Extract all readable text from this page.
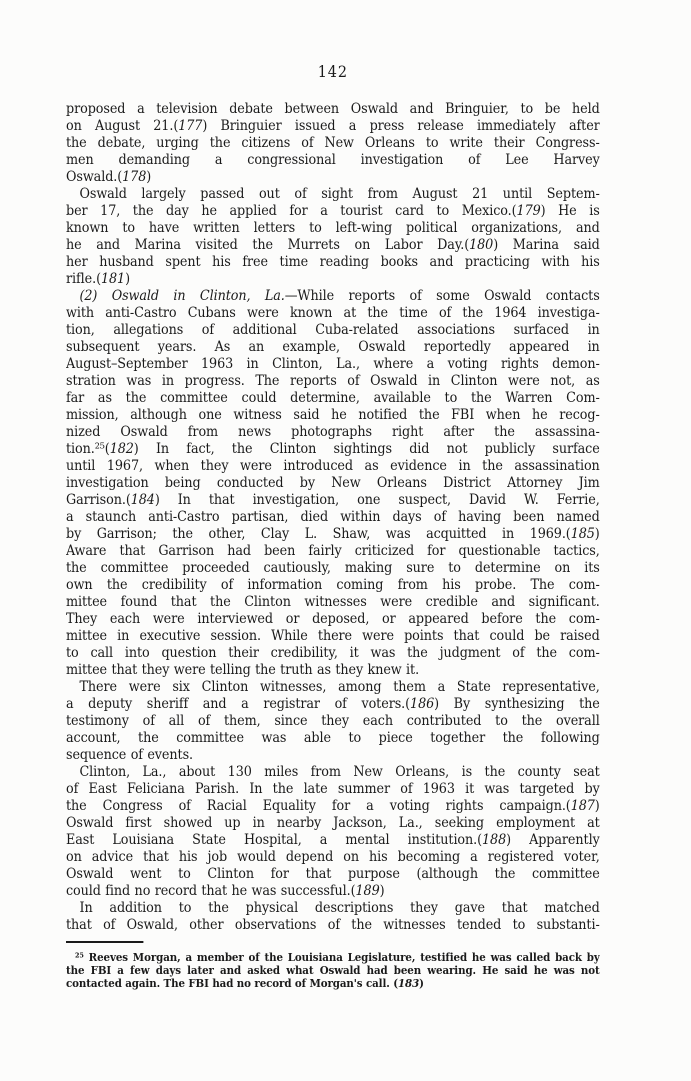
142
proposed a television debate between Oswald and Bringuier, to be held
on August 21.(177) Bringuier issued a press release immediately after
the debate, urging the citizens of New Orleans to write their Congress-
men demanding a congressional investigation of Lee Harvey
Oswald.(178)
Oswald largely passed out of sight from August 21 until Septem-
ber 17, the day he applied for a tourist card to Mexico.(179) He is
known to have written letters to left-wing political organizations, and
he and Marina visited the Murrets on Labor Day.(180) Marina said
her husband spent his free time reading books and practicing with his
rifle.(181)
(2) Oswald in Clinton, La.—While reports of some Oswald contacts
with anti-Castro Cubans were known at the time of the 1964 investiga-
tion, allegations of additional Cuba-related associations surfaced in
subsequent years. As an example, Oswald reportedly appeared in
August–September 1963 in Clinton, La., where a voting rights demon-
stration was in progress. The reports of Oswald in Clinton were not, as
far as the committee could determine, available to the Warren Com-
mission, although one witness said he notified the FBI when he recog-
nized Oswald from news photographs right after the assassina-
tion.²⁵(182) In fact, the Clinton sightings did not publicly surface
until 1967, when they were introduced as evidence in the assassination
investigation being conducted by New Orleans District Attorney Jim
Garrison.(184) In that investigation, one suspect, David W. Ferrie,
a staunch anti-Castro partisan, died within days of having been named
by Garrison; the other, Clay L. Shaw, was acquitted in 1969.(185)
Aware that Garrison had been fairly criticized for questionable tactics,
the committee proceeded cautiously, making sure to determine on its
own the credibility of information coming from his probe. The com-
mittee found that the Clinton witnesses were credible and significant.
They each were interviewed or deposed, or appeared before the com-
mittee in executive session. While there were points that could be raised
to call into question their credibility, it was the judgment of the com-
mittee that they were telling the truth as they knew it.
There were six Clinton witnesses, among them a State representative,
a deputy sheriff and a registrar of voters.(186) By synthesizing the
testimony of all of them, since they each contributed to the overall
account, the committee was able to piece together the following
sequence of events.
Clinton, La., about 130 miles from New Orleans, is the county seat
of East Feliciana Parish. In the late summer of 1963 it was targeted by
the Congress of Racial Equality for a voting rights campaign.(187)
Oswald first showed up in nearby Jackson, La., seeking employment at
East Louisiana State Hospital, a mental institution.(188) Apparently
on advice that his job would depend on his becoming a registered voter,
Oswald went to Clinton for that purpose (although the committee
could find no record that he was successful.(189)
In addition to the physical descriptions they gave that matched
that of Oswald, other observations of the witnesses tended to substanti-
²⁵ Reeves Morgan, a member of the Louisiana Legislature, testified he was called back by
the FBI a few days later and asked what Oswald had been wearing. He said he was not
contacted again. The FBI had no record of Morgan's call. (183)
